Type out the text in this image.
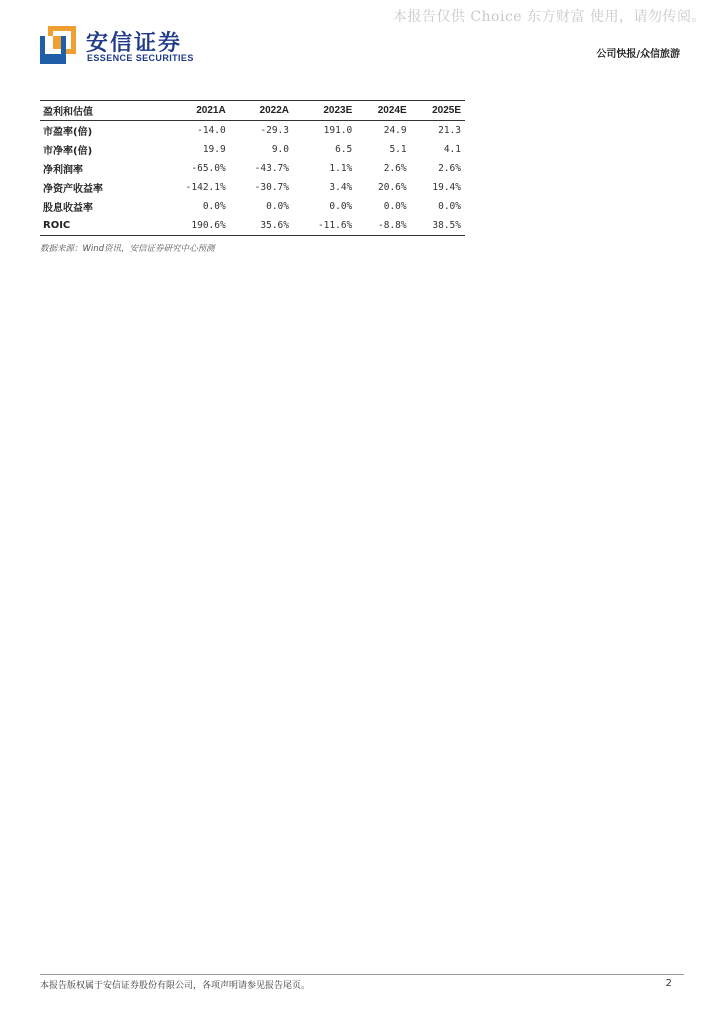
本报告仅供 Choice 东方财富 使用，请勿传阅。
安信证券
ESSENCE SECURITIES	公司快报/众信旅游
盈利和估值	2021A	2022A	2023E	2024E	2025E
市盈率(倍)	-14.0	-29.3	191.0	24.9	21.3
市净率(倍)	19.9	9.0	6.5	5.1	4.1
净利润率	-65.0%	-43.7%	1.1%	2.6%	2.6%
净资产收益率	-142.1%	-30.7%	3.4%	20.6%	19.4%
股息收益率	0.0%	0.0%	0.0%	0.0%	0.0%
ROIC	190.6%	35.6%	-11.6%	-8.8%	38.5%
数据来源：Wind资讯，安信证券研究中心预测
本报告版权属于安信证券股份有限公司，各项声明请参见报告尾页。	2
